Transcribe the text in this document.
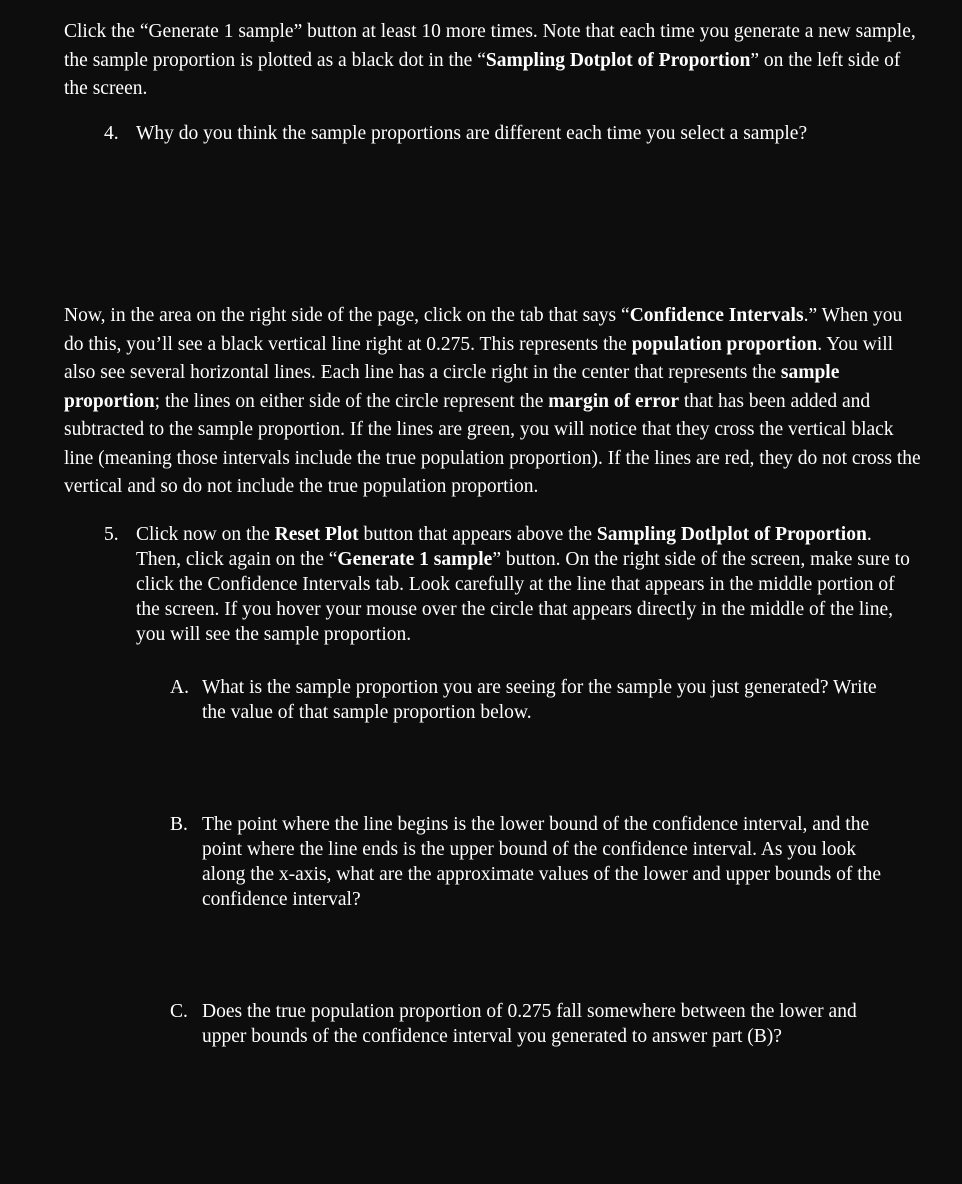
Click the “Generate 1 sample” button at least 10 more times. Note that each time you generate a new sample, the sample proportion is plotted as a black dot in the “Sampling Dotplot of Proportion” on the left side of the screen.

4. Why do you think the sample proportions are different each time you select a sample?

Now, in the area on the right side of the page, click on the tab that says “Confidence Intervals.” When you do this, you’ll see a black vertical line right at 0.275. This represents the population proportion. You will also see several horizontal lines. Each line has a circle right in the center that represents the sample proportion; the lines on either side of the circle represent the margin of error that has been added and subtracted to the sample proportion. If the lines are green, you will notice that they cross the vertical black line (meaning those intervals include the true population proportion). If the lines are red, they do not cross the vertical and so do not include the true population proportion.

5. Click now on the Reset Plot button that appears above the Sampling Dotlplot of Proportion. Then, click again on the “Generate 1 sample” button. On the right side of the screen, make sure to click the Confidence Intervals tab. Look carefully at the line that appears in the middle portion of the screen. If you hover your mouse over the circle that appears directly in the middle of the line, you will see the sample proportion.
A. What is the sample proportion you are seeing for the sample you just generated? Write the value of that sample proportion below.
B. The point where the line begins is the lower bound of the confidence interval, and the point where the line ends is the upper bound of the confidence interval. As you look along the x-axis, what are the approximate values of the lower and upper bounds of the confidence interval?
C. Does the true population proportion of 0.275 fall somewhere between the lower and upper bounds of the confidence interval you generated to answer part (B)?
